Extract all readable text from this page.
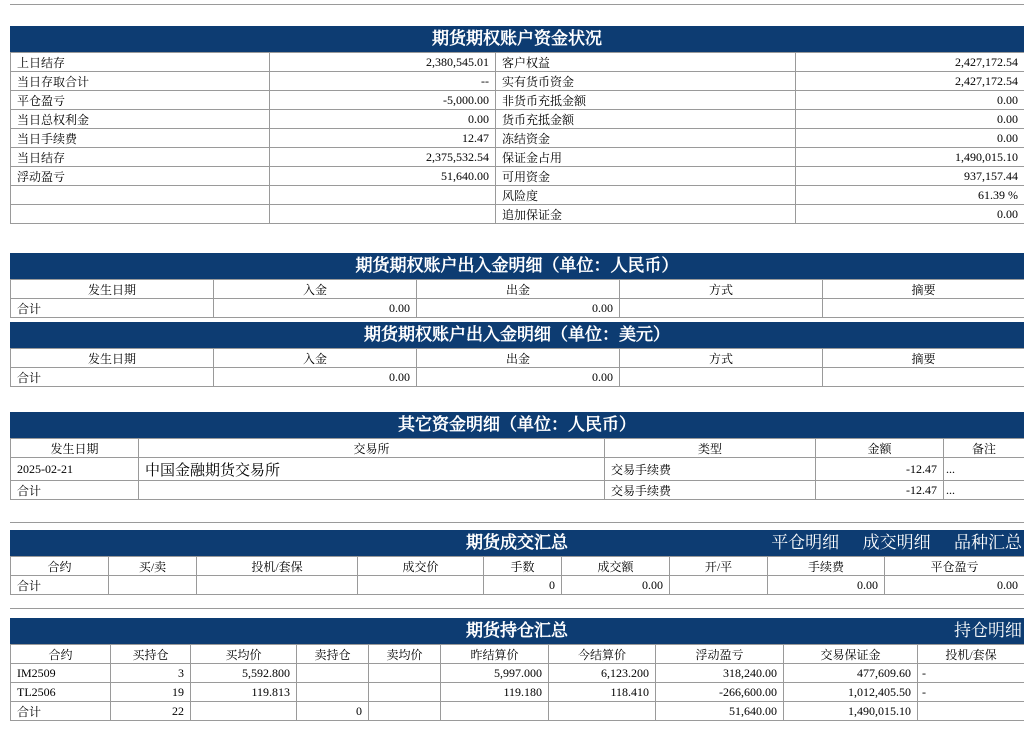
期货期权账户资金状况
上日结存	2,380,545.01	客户权益	2,427,172.54
当日存取合计	--	实有货币资金	2,427,172.54
平仓盈亏	-5,000.00	非货币充抵金额	0.00
当日总权利金	0.00	货币充抵金额	0.00
当日手续费	12.47	冻结资金	0.00
当日结存	2,375,532.54	保证金占用	1,490,015.10
浮动盈亏	51,640.00	可用资金	937,157.44
		风险度	61.39 %
		追加保证金	0.00
期货期权账户出入金明细（单位：人民币）
发生日期	入金	出金	方式	摘要
合计	0.00	0.00		
期货期权账户出入金明细（单位：美元）
发生日期	入金	出金	方式	摘要
合计	0.00	0.00		
其它资金明细（单位：人民币）
发生日期	交易所	类型	金额	备注
2025-02-21	中国金融期货交易所	交易手续费	-12.47	...
合计		交易手续费	-12.47	...
期货成交汇总	平仓明细 成交明细 品种汇总
合约	买/卖	投机/套保	成交价	手数	成交额	开/平	手续费	平仓盈亏
合计				0	0.00		0.00	0.00
期货持仓汇总	持仓明细
合约	买持仓	买均价	卖持仓	卖均价	昨结算价	今结算价	浮动盈亏	交易保证金	投机/套保
IM2509	3	5,592.800			5,997.000	6,123.200	318,240.00	477,609.60	-
TL2506	19	119.813			119.180	118.410	-266,600.00	1,012,405.50	-
合计	22		0				51,640.00	1,490,015.10	
